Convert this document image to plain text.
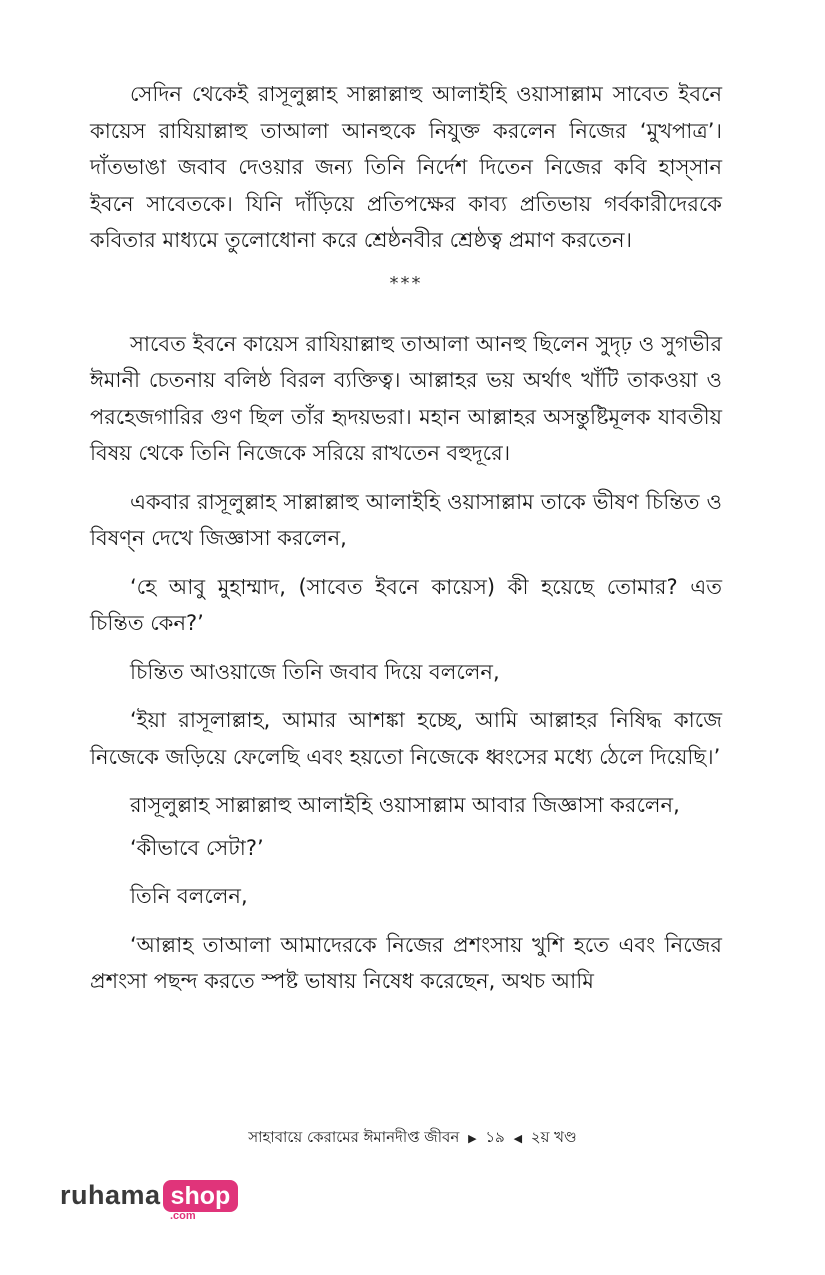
সেদিন থেকেই রাসূলুল্লাহ সাল্লাল্লাহু আলাইহি ওয়াসাল্লাম সাবেত ইবনে কায়েস রাযিয়াল্লাহু তাআলা আনহুকে নিযুক্ত করলেন নিজের ‘মুখপাত্র’। দাঁতভাঙা জবাব দেওয়ার জন্য তিনি নির্দেশ দিতেন নিজের কবি হাস্‌সান ইবনে সাবেতকে। যিনি দাঁড়িয়ে প্রতিপক্ষের কাব্য প্রতিভায় গর্বকারীদেরকে কবিতার মাধ্যমে তুলোধোনা করে শ্রেষ্ঠনবীর শ্রেষ্ঠত্ব প্রমাণ করতেন।

***

সাবেত ইবনে কায়েস রাযিয়াল্লাহু তাআলা আনহু ছিলেন সুদৃঢ় ও সুগভীর ঈমানী চেতনায় বলিষ্ঠ বিরল ব্যক্তিত্ব। আল্লাহর ভয় অর্থাৎ খাঁটি তাকওয়া ও পরহেজগারির গুণ ছিল তাঁর হৃদয়ভরা। মহান আল্লাহর অসন্তুষ্টিমূলক যাবতীয় বিষয় থেকে তিনি নিজেকে সরিয়ে রাখতেন বহুদূরে।

একবার রাসূলুল্লাহ সাল্লাল্লাহু আলাইহি ওয়াসাল্লাম তাকে ভীষণ চিন্তিত ও বিষণ্ন দেখে জিজ্ঞাসা করলেন,

‘হে আবু মুহাম্মাদ, (সাবেত ইবনে কায়েস) কী হয়েছে তোমার? এত চিন্তিত কেন?’

চিন্তিত আওয়াজে তিনি জবাব দিয়ে বললেন,

‘ইয়া রাসূলাল্লাহ, আমার আশঙ্কা হচ্ছে, আমি আল্লাহর নিষিদ্ধ কাজে নিজেকে জড়িয়ে ফেলেছি এবং হয়তো নিজেকে ধ্বংসের মধ্যে ঠেলে দিয়েছি।’

রাসূলুল্লাহ সাল্লাল্লাহু আলাইহি ওয়াসাল্লাম আবার জিজ্ঞাসা করলেন,

‘কীভাবে সেটা?’

তিনি বললেন,

‘আল্লাহ তাআলা আমাদেরকে নিজের প্রশংসায় খুশি হতে এবং নিজের প্রশংসা পছন্দ করতে স্পষ্ট ভাষায় নিষেধ করেছেন, অথচ আমি

সাহাবায়ে কেরামের ঈমানদীপ্ত জীবন ▶ ১৯ ◀ ২য় খণ্ড
ruhama shop
.com
